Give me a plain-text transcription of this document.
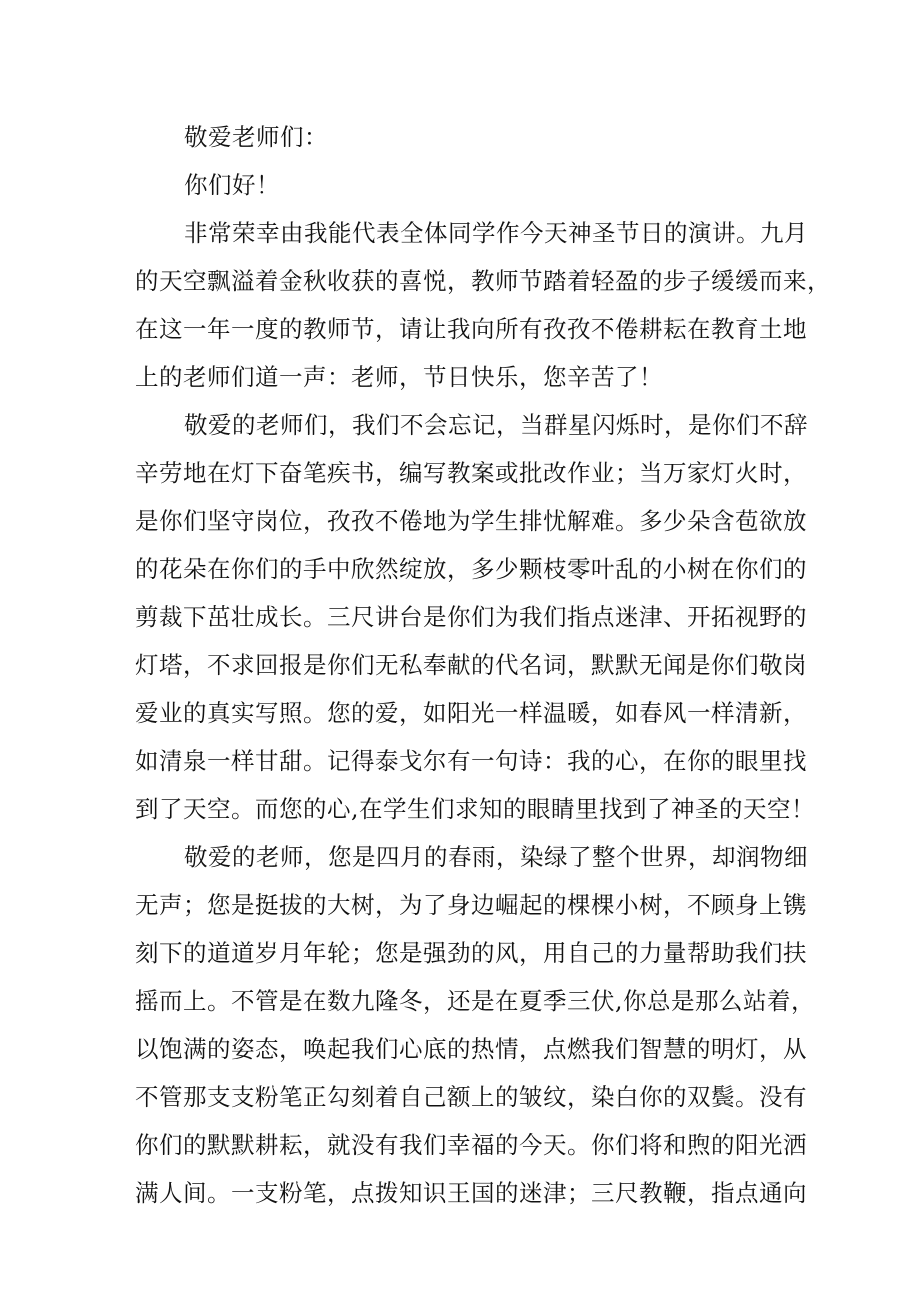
敬爱老师们：
你们好！
非常荣幸由我能代表全体同学作今天神圣节日的演讲。九月
的天空飘溢着金秋收获的喜悦，教师节踏着轻盈的步子缓缓而来，
在这一年一度的教师节，请让我向所有孜孜不倦耕耘在教育土地
上的老师们道一声：老师，节日快乐，您辛苦了！
敬爱的老师们，我们不会忘记，当群星闪烁时，是你们不辞
辛劳地在灯下奋笔疾书，编写教案或批改作业；当万家灯火时，
是你们坚守岗位，孜孜不倦地为学生排忧解难。多少朵含苞欲放
的花朵在你们的手中欣然绽放，多少颗枝零叶乱的小树在你们的
剪裁下茁壮成长。三尺讲台是你们为我们指点迷津、开拓视野的
灯塔，不求回报是你们无私奉献的代名词，默默无闻是你们敬岗
爱业的真实写照。您的爱，如阳光一样温暖，如春风一样清新，
如清泉一样甘甜。记得泰戈尔有一句诗：我的心，在你的眼里找
到了天空。而您的心,在学生们求知的眼睛里找到了神圣的天空！
敬爱的老师，您是四月的春雨，染绿了整个世界，却润物细
无声；您是挺拔的大树，为了身边崛起的棵棵小树，不顾身上镌
刻下的道道岁月年轮；您是强劲的风，用自己的力量帮助我们扶
摇而上。不管是在数九隆冬，还是在夏季三伏,你总是那么站着，
以饱满的姿态，唤起我们心底的热情，点燃我们智慧的明灯，从
不管那支支粉笔正勾刻着自己额上的皱纹，染白你的双鬓。没有
你们的默默耕耘，就没有我们幸福的今天。你们将和煦的阳光洒
满人间。一支粉笔，点拨知识王国的迷津；三尺教鞭，指点通向
